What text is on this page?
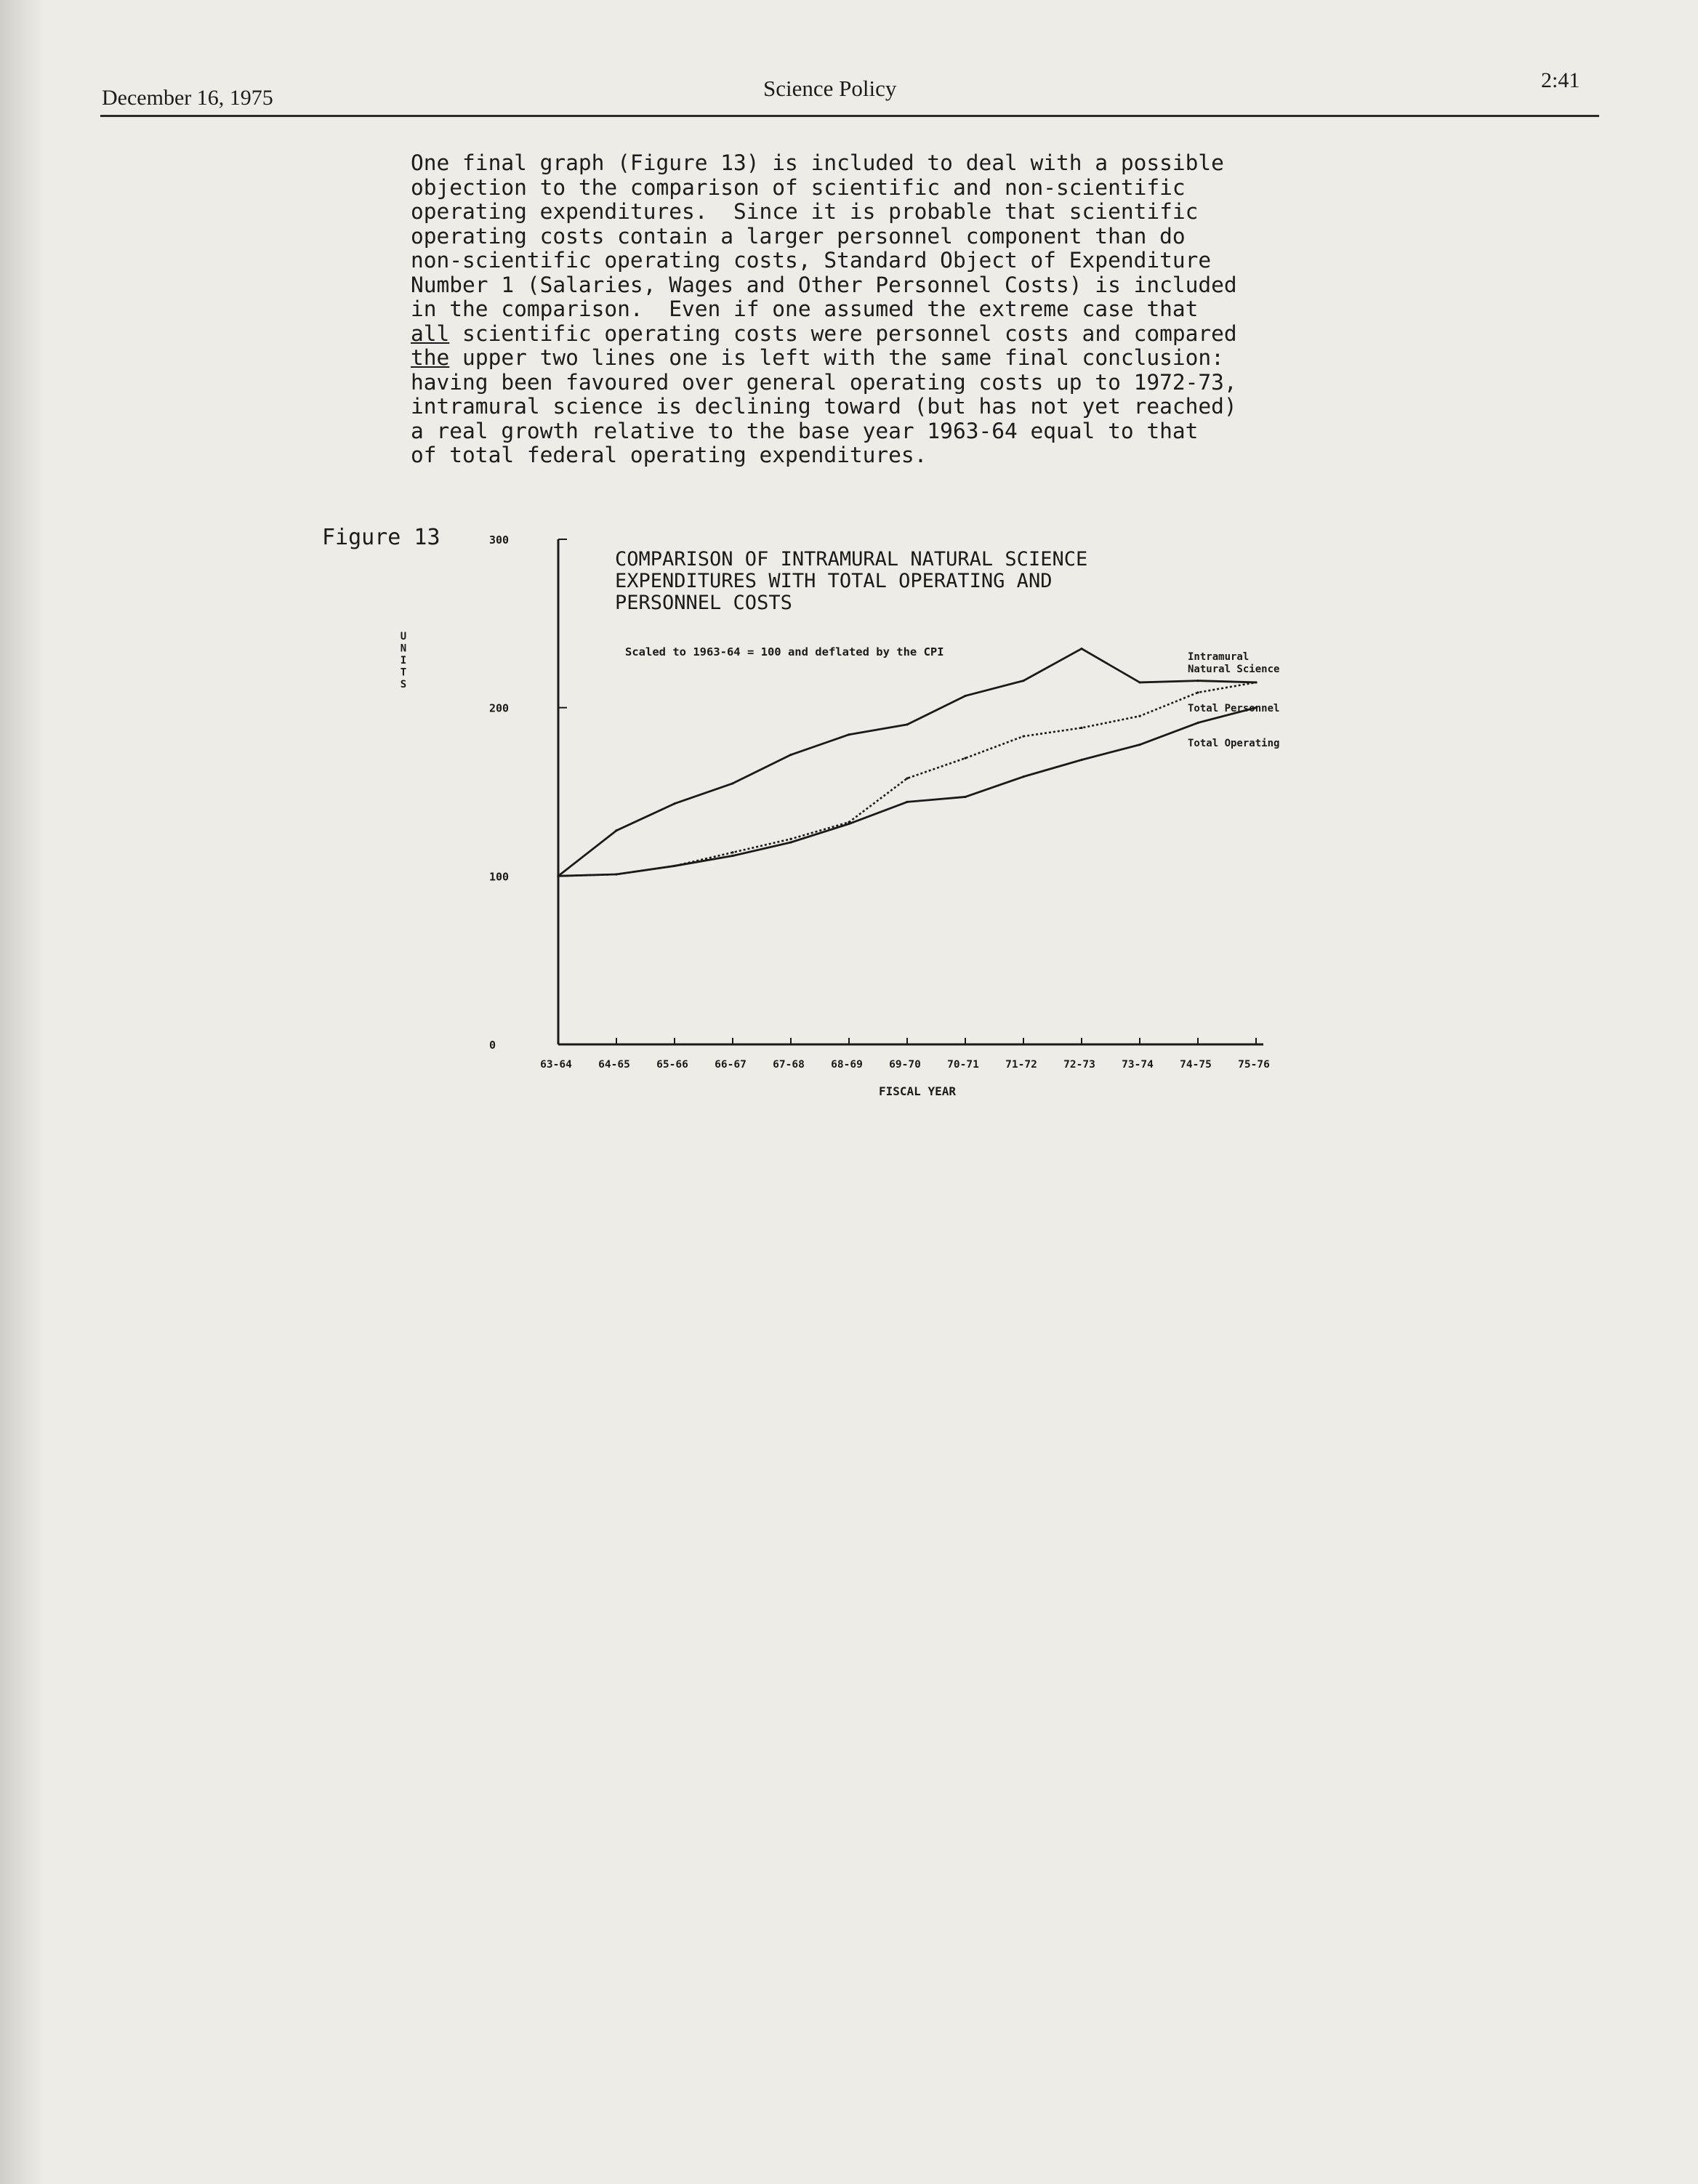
December 16, 1975	Science Policy	2:41
One final graph (Figure 13) is included to deal with a possible
objection to the comparison of scientific and non-scientific
operating expenditures.  Since it is probable that scientific
operating costs contain a larger personnel component than do
non-scientific operating costs, Standard Object of Expenditure
Number 1 (Salaries, Wages and Other Personnel Costs) is included
in the comparison.  Even if one assumed the extreme case that
all scientific operating costs were personnel costs and compared
the upper two lines one is left with the same final conclusion:
having been favoured over general operating costs up to 1972-73,
intramural science is declining toward (but has not yet reached)
a real growth relative to the base year 1963-64 equal to that
of total federal operating expenditures.
Figure 13
0
100
200
300
63-64	64-65	65-66	66-67	67-68	68-69	69-70	70-71	71-72	72-73	73-74	74-75	75-76
FISCAL YEAR
U
N
I
T
S
COMPARISON OF INTRAMURAL NATURAL SCIENCE
EXPENDITURES WITH TOTAL OPERATING AND
PERSONNEL COSTS
Scaled to 1963-64 = 100 and deflated by the CPI	Intramural
Natural Science
Total Personnel
Total Operating
